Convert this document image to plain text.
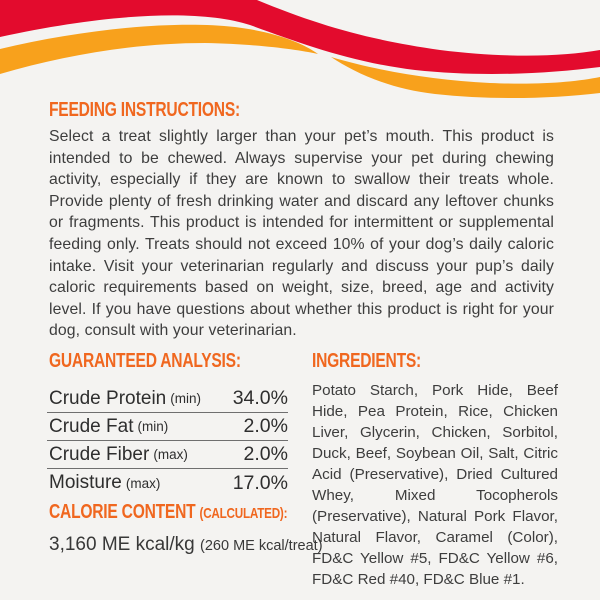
FEEDING INSTRUCTIONS:

Select a treat slightly larger than your pet’s mouth. This product is intended to be chewed. Always supervise your pet during chewing activity, especially if they are known to swallow their treats whole. Provide plenty of fresh drinking water and discard any leftover chunks or fragments. This product is intended for intermittent or supplemental feeding only. Treats should not exceed 10% of your dog’s daily caloric intake. Visit your veterinarian regularly and discuss your pup’s daily caloric requirements based on weight, size, breed, age and activity level. If you have questions about whether this product is right for your dog, consult with your veterinarian.

GUARANTEED ANALYSIS:
Crude Protein (min) 34.0%
Crude Fat (min)	2.0%
Crude Fiber (max)	2.0%
Moisture (max)	17.0%
CALORIE CONTENT (CALCULATED):
3,160 ME kcal/kg (260 ME kcal/treat)
INGREDIENTS:

Potato Starch, Pork Hide, Beef Hide, Pea Protein, Rice, Chicken Liver, Glycerin, Chicken, Sorbitol, Duck, Beef, Soybean Oil, Salt, Citric Acid (Preservative), Dried Cultured Whey, Mixed Tocopherols (Preservative), Natural Pork Flavor, Natural Flavor, Caramel (Color), FD&C Yellow #5, FD&C Yellow #6, FD&C Red #40, FD&C Blue #1.
